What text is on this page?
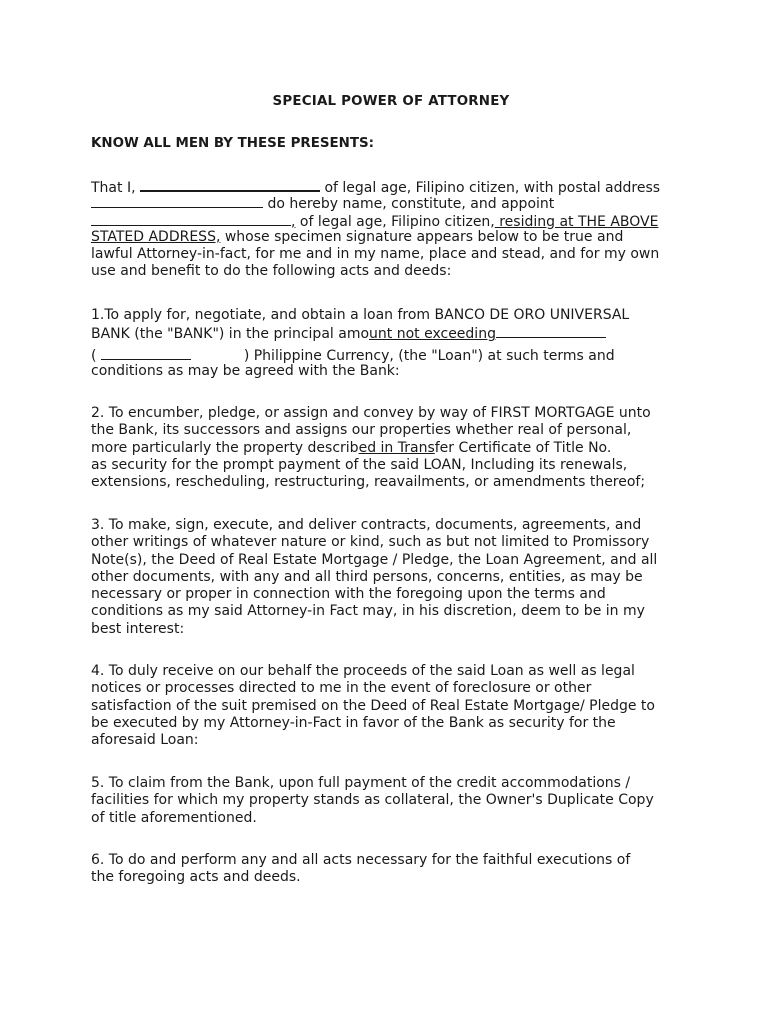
SPECIAL POWER OF ATTORNEY
KNOW ALL MEN BY THESE PRESENTS:
That I,	of legal age, Filipino citizen, with postal address
do hereby name, constitute, and appoint
, of legal age, Filipino citizen, residing at THE ABOVE
STATED ADDRESS, whose specimen signature appears below to be true and
lawful Attorney-in-fact, for me and in my name, place and stead, and for my own
use and benefit to do the following acts and deeds:
1.To apply for, negotiate, and obtain a loan from BANCO DE ORO UNIVERSAL
BANK (the "BANK") in the principal amount not exceeding
(	) Philippine Currency, (the "Loan") at such terms and
conditions as may be agreed with the Bank:
2. To encumber, pledge, or assign and convey by way of FIRST MORTGAGE unto
the Bank, its successors and assigns our properties whether real of personal,
more particularly the property described in Transfer Certificate of Title No.
as security for the prompt payment of the said LOAN, Including its renewals,
extensions, rescheduling, restructuring, reavailments, or amendments thereof;
3. To make, sign, execute, and deliver contracts, documents, agreements, and
other writings of whatever nature or kind, such as but not limited to Promissory
Note(s), the Deed of Real Estate Mortgage / Pledge, the Loan Agreement, and all
other documents, with any and all third persons, concerns, entities, as may be
necessary or proper in connection with the foregoing upon the terms and
conditions as my said Attorney-in Fact may, in his discretion, deem to be in my
best interest:
4. To duly receive on our behalf the proceeds of the said Loan as well as legal
notices or processes directed to me in the event of foreclosure or other
satisfaction of the suit premised on the Deed of Real Estate Mortgage/ Pledge to
be executed by my Attorney-in-Fact in favor of the Bank as security for the
aforesaid Loan:
5. To claim from the Bank, upon full payment of the credit accommodations /
facilities for which my property stands as collateral, the Owner's Duplicate Copy
of title aforementioned.
6. To do and perform any and all acts necessary for the faithful executions of
the foregoing acts and deeds.
